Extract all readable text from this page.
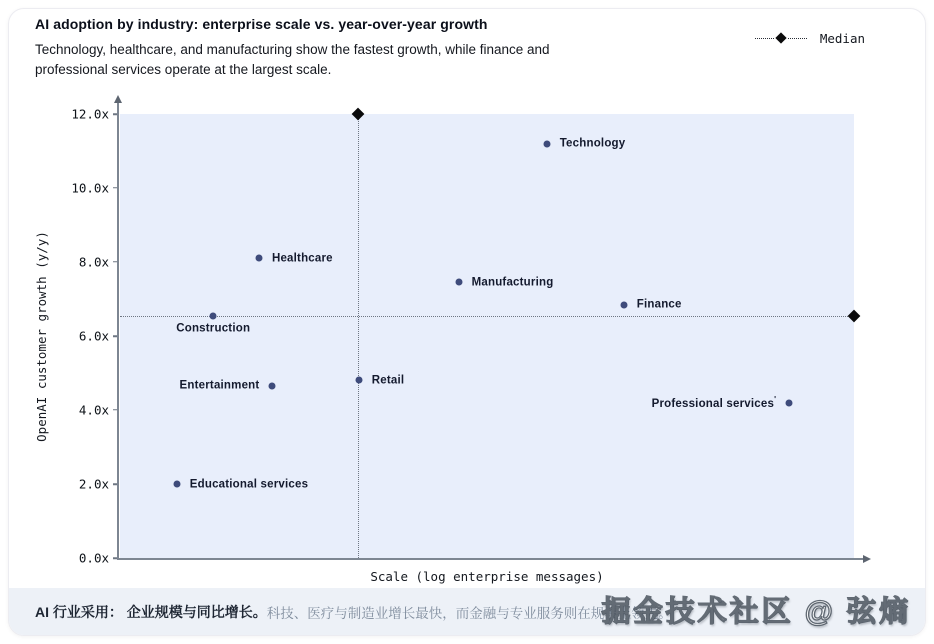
AI adoption by industry: enterprise scale vs. year-over-year growth
Technology, healthcare, and manufacturing show the fastest growth, while finance and professional services operate at the largest scale.
Median
OpenAI customer growth (y/y)
0.0x
2.0x
4.0x
6.0x
8.0x
10.0x
12.0x
Technology
Healthcare
Manufacturing
Finance
Construction
Retail
Entertainment
Professional services'
Educational services
Scale (log enterprise messages)
AI 行业采用： 企业规模与同比增长。 科技、医疗与制造业增长最快，而金融与专业服务则在规模上领先。
掘金技术社区 @ 弦熵
